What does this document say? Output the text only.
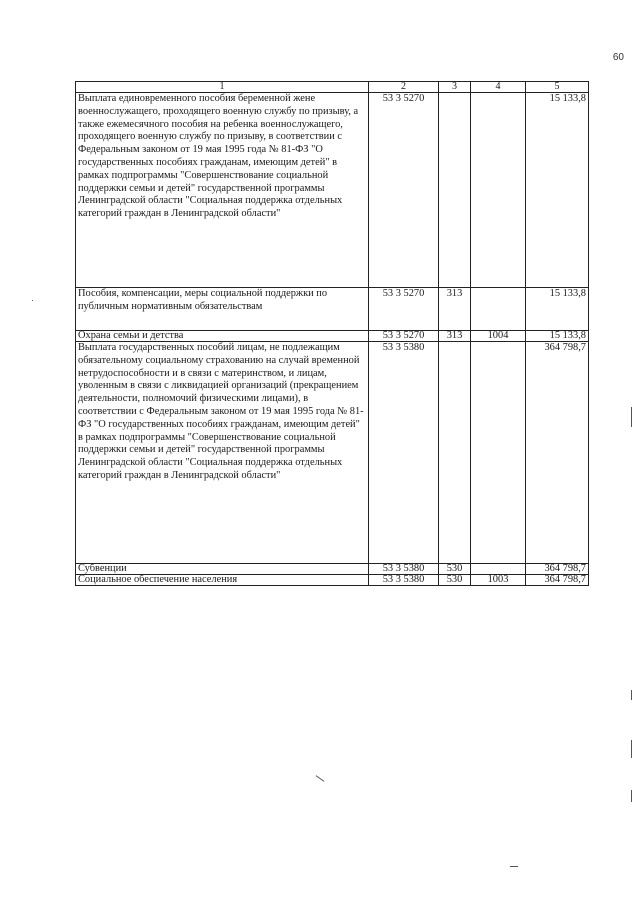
60
1	2	3	4	5
Выплата единовременного пособия беременной жене военнослужащего, проходящего военную службу по призыву, а также ежемесячного пособия на ребенка военнослужащего, проходящего военную службу по призыву, в соответствии с Федеральным законом от 19 мая 1995 года № 81-ФЗ "О государственных пособиях гражданам, имеющим детей" в рамках подпрограммы "Совершенствование социальной поддержки семьи и детей" государственной программы Ленинградской области "Социальная поддержка отдельных категорий граждан в Ленинградской области"	53 3 5270			15 133,8
Пособия, компенсации, меры социальной поддержки по публичным нормативным обязательствам	53 3 5270	313		15 133,8
Охрана семьи и детства	53 3 5270	313	1004	15 133,8
Выплата государственных пособий лицам, не подлежащим обязательному социальному страхованию на случай временной нетрудоспособности и в связи с материнством, и лицам, уволенным в связи с ликвидацией организаций (прекращением деятельности, полномочий физическими лицами), в соответствии с Федеральным законом от 19 мая 1995 года № 81-ФЗ "О государственных пособиях гражданам, имеющим детей" в рамках подпрограммы "Совершенствование социальной поддержки семьи и детей" государственной программы Ленинградской области "Социальная поддержка отдельных категорий граждан в Ленинградской области"	53 3 5380			364 798,7
Субвенции	53 3 5380	530		364 798,7
Социальное обеспечение населения	53 3 5380	530	1003	364 798,7
